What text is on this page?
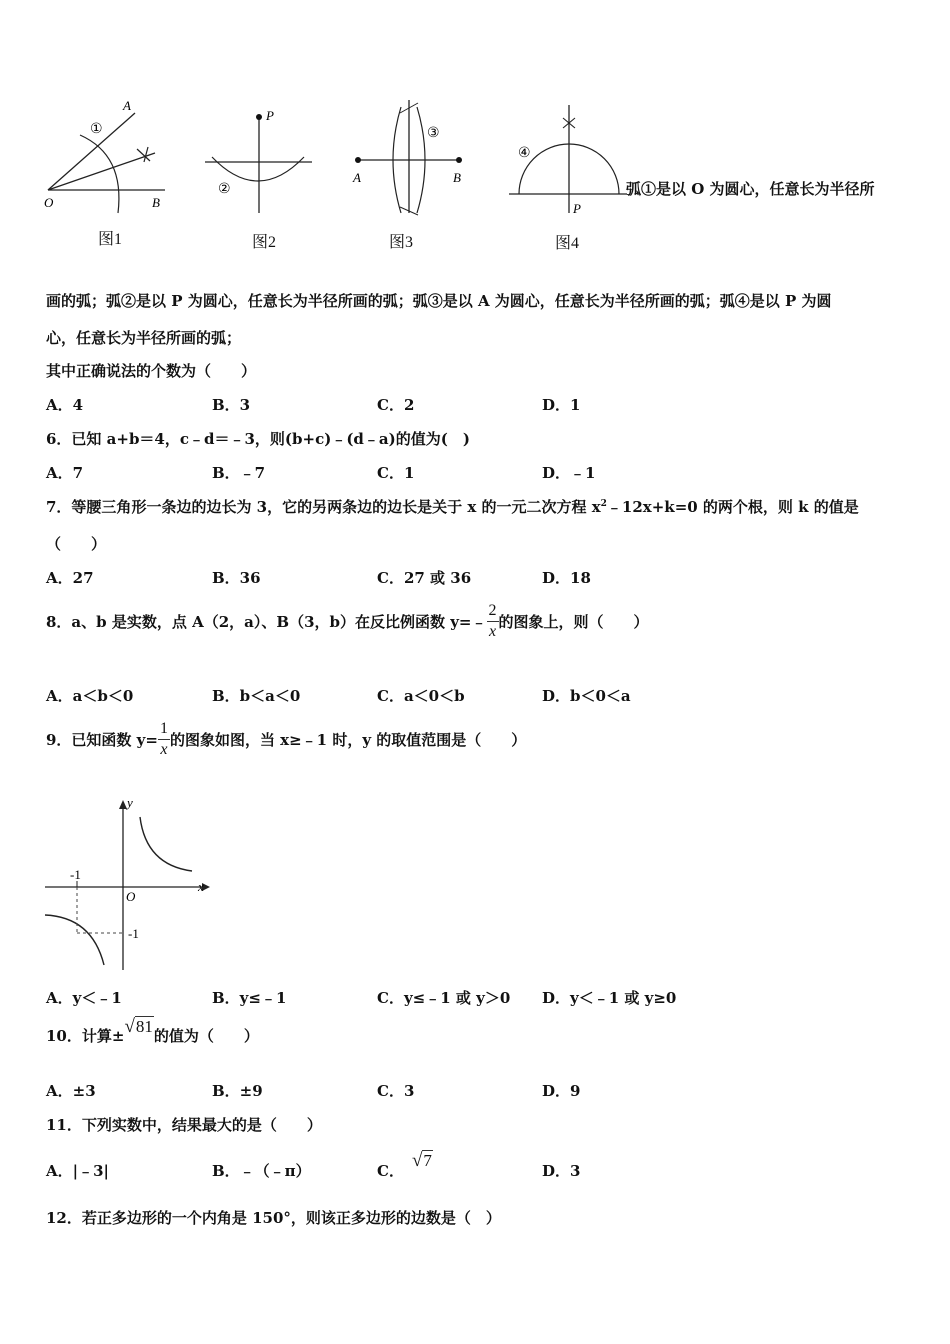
A
①
O	B
图1
P
②
图2
③
A	B
图3
④
P
图4
弧①是以 O 为圆心，任意长为半径所
画的弧；弧②是以 P 为圆心，任意长为半径所画的弧；弧③是以 A 为圆心，任意长为半径所画的弧；弧④是以 P 为圆
心，任意长为半径所画的弧；
其中正确说法的个数为（　　）
A．4	B．3	C．2	D．1
6．已知 a+b＝4，c﹣d＝﹣3，则(b+c)﹣(d﹣a)的值为(　)
A．7	B．﹣7	C．1	D．﹣1
7．等腰三角形一条边的边长为 3，它的另两条边的边长是关于 x 的一元二次方程 $x^2﹣12x+k=0$ 的两个根，则 k 的值是
（　　）
A．27	B．36	C．27 或 36	D．18
8．a、b 是实数，点 A（2，a）、B（3，b）在反比例函数 y=﹣ $\frac{2}{x}$ 的图象上，则（　　）
A．a＜b＜0	B．b＜a＜0	C．a＜0＜b	D．b＜0＜a
9．已知函数 $y= \frac{1}{x}$ 的图象如图，当 x≥﹣1 时，y 的取值范围是（　　）
y
x
O
-1
-1
A．y＜﹣1	B．y≤﹣1	C．y≤﹣1 或 y＞0 D．y＜﹣1 或 y≥0
10．计算±√81的值为（　　）
A．±3	B．±9	C．3	D．9
11．下列实数中，结果最大的是（　　）
A．|﹣3|	B．﹣（﹣π）	C． √7
D．3
12．若正多边形的一个内角是 150°，则该正多边形的边数是（　）
